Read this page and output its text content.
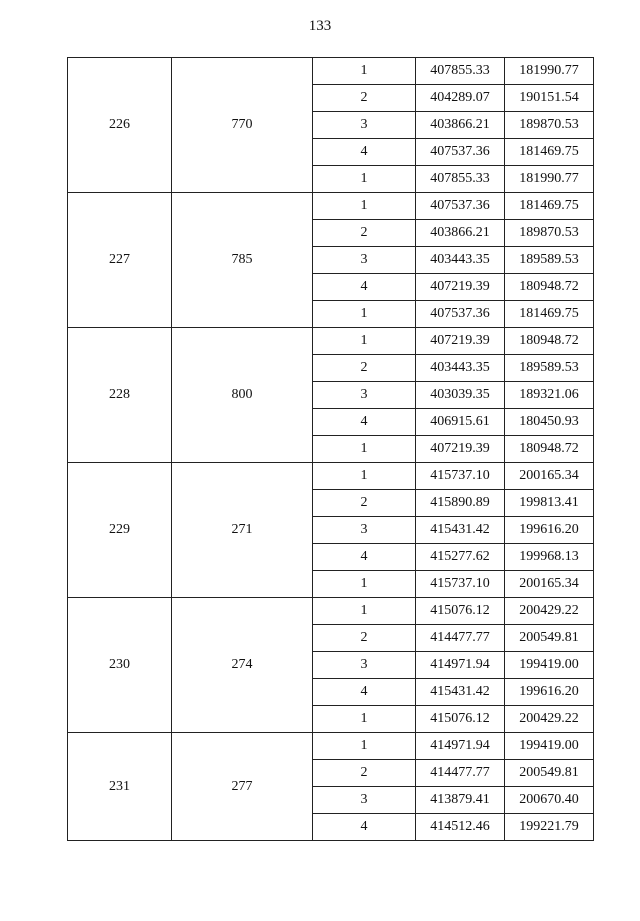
133
226	770	1	407855.33	181990.77
		2	404289.07	190151.54
		3	403866.21	189870.53
		4	407537.36	181469.75
		1	407855.33	181990.77
227	785	1	407537.36	181469.75
		2	403866.21	189870.53
		3	403443.35	189589.53
		4	407219.39	180948.72
		1	407537.36	181469.75
228	800	1	407219.39	180948.72
		2	403443.35	189589.53
		3	403039.35	189321.06
		4	406915.61	180450.93
		1	407219.39	180948.72
229	271	1	415737.10	200165.34
		2	415890.89	199813.41
		3	415431.42	199616.20
		4	415277.62	199968.13
		1	415737.10	200165.34
230	274	1	415076.12	200429.22
		2	414477.77	200549.81
		3	414971.94	199419.00
		4	415431.42	199616.20
		1	415076.12	200429.22
231	277	1	414971.94	199419.00
		2	414477.77	200549.81
		3	413879.41	200670.40
		4	414512.46	199221.79
